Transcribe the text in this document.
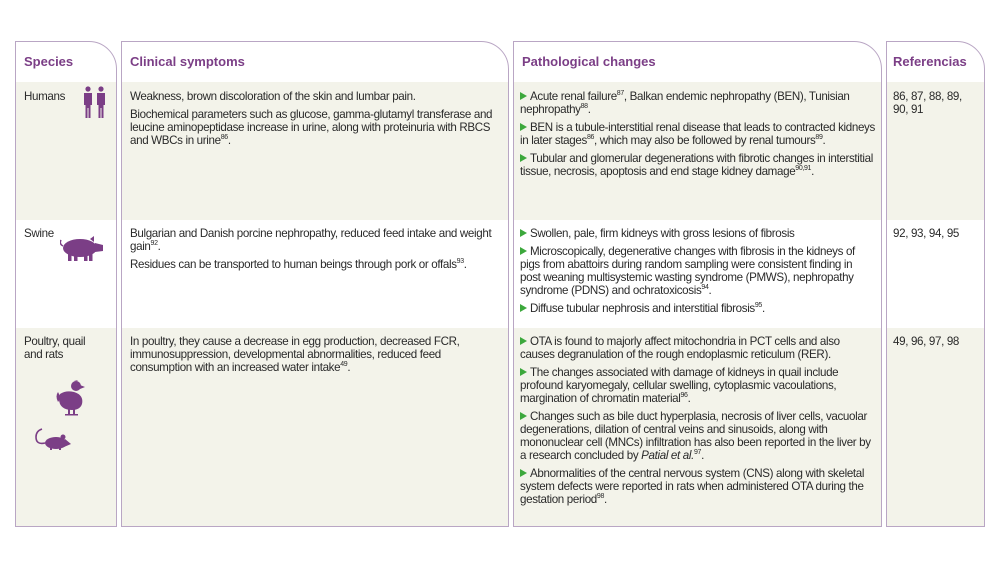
Species
Humans
Swine
Poultry, quail and rats
Clinical symptoms

Weakness, brown discoloration of the skin and lumbar pain.

Biochemical parameters such as glucose, gamma-glutamyl transferase and leucine aminopeptidase increase in urine, along with proteinuria with RBCS and WBCs in urine$^{86}$.

Bulgarian and Danish porcine nephropathy, reduced feed intake and weight gain$^{92}$.

Residues can be transported to human beings through pork or offals$^{93}$.

In poultry, they cause a decrease in egg production, decreased FCR, immunosuppression, developmental abnormalities, reduced feed consumption with an increased water intake$^{49}$.

Pathological changes

Acute renal failure$^{87}$, Balkan endemic nephropathy (BEN), Tunisian nephropathy$^{88}$.

BEN is a tubule-interstitial renal disease that leads to contracted kidneys in later stages$^{86}$, which may also be followed by renal tumours$^{89}$.

Tubular and glomerular degenerations with fibrotic changes in interstitial tissue, necrosis, apoptosis and end stage kidney damage$^{90,91}$.

Swollen, pale, firm kidneys with gross lesions of fibrosis

Microscopically, degenerative changes with fibrosis in the kidneys of pigs from abattoirs during random sampling were consistent finding in post weaning multisystemic wasting syndrome (PMWS), nephropathy syndrome (PDNS) and ochratoxicosis$^{94}$.

Diffuse tubular nephrosis and interstitial fibrosis$^{95}$.

OTA is found to majorly affect mitochondria in PCT cells and also causes degranulation of the rough endoplasmic reticulum (RER).

The changes associated with damage of kidneys in quail include profound karyomegaly, cellular swelling, cytoplasmic vacoulations, margination of chromatin material$^{96}$.

Changes such as bile duct hyperplasia, necrosis of liver cells, vacuolar degenerations, dilation of central veins and sinusoids, along with mononuclear cell (MNCs) infiltration has also been reported in the liver by a research concluded by Patial et al.$^{97}$.

Abnormalities of the central nervous system (CNS) along with skeletal system defects were reported in rats when administered OTA during the gestation period$^{98}$.

Referencias
86, 87, 88, 89, 90, 91
92, 93, 94, 95
49, 96, 97, 98
